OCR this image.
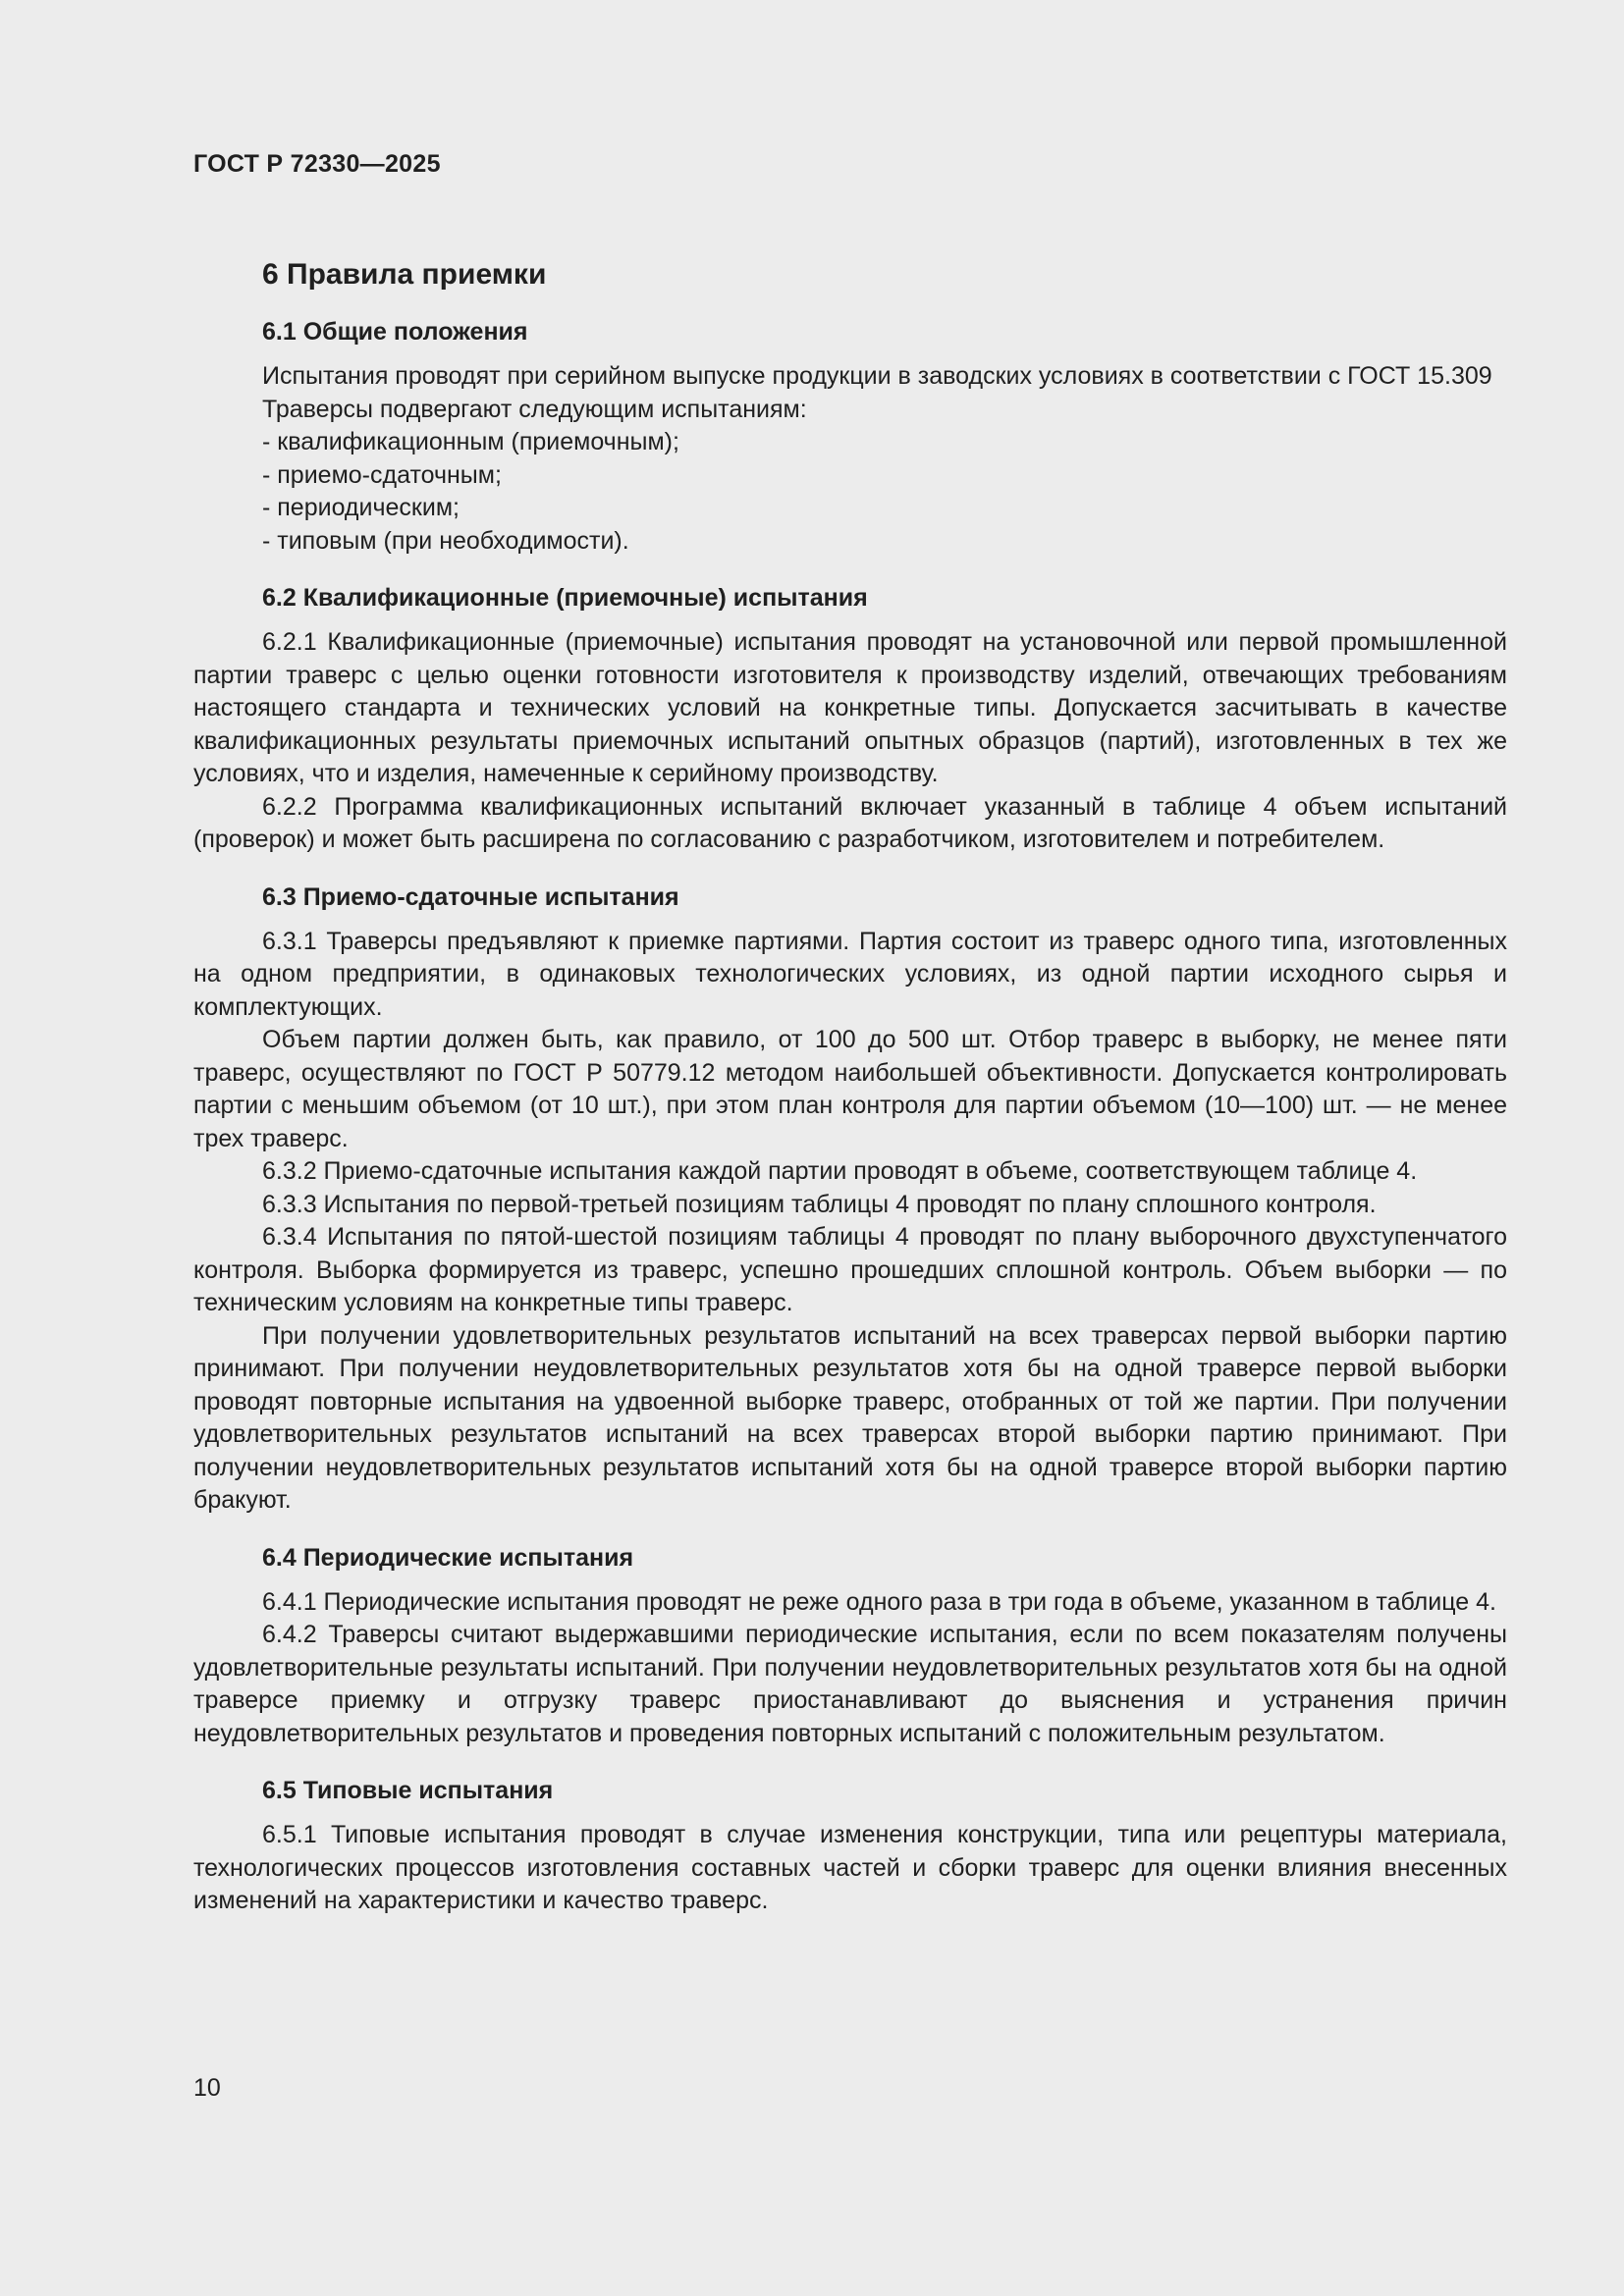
ГОСТ Р 72330—2025
6 Правила приемки
6.1 Общие положения

Испытания проводят при серийном выпуске продукции в заводских условиях в соответствии с ГОСТ 15.309

Траверсы подвергают следующим испытаниям:

- квалификационным (приемочным);
- приемо-сдаточным;
- периодическим;
- типовым (при необходимости).
6.2 Квалификационные (приемочные) испытания

6.2.1 Квалификационные (приемочные) испытания проводят на установочной или первой промышленной партии траверс с целью оценки готовности изготовителя к производству изделий, отвечающих требованиям настоящего стандарта и технических условий на конкретные типы. Допускается засчитывать в качестве квалификационных результаты приемочных испытаний опытных образцов (партий), изготовленных в тех же условиях, что и изделия, намеченные к серийному производству.

6.2.2 Программа квалификационных испытаний включает указанный в таблице 4 объем испытаний (проверок) и может быть расширена по согласованию с разработчиком, изготовителем и потребителем.

6.3 Приемо-сдаточные испытания

6.3.1 Траверсы предъявляют к приемке партиями. Партия состоит из траверс одного типа, изготовленных на одном предприятии, в одинаковых технологических условиях, из одной партии исходного сырья и комплектующих.

Объем партии должен быть, как правило, от 100 до 500 шт. Отбор траверс в выборку, не менее пяти траверс, осуществляют по ГОСТ Р 50779.12 методом наибольшей объективности. Допускается контролировать партии с меньшим объемом (от 10 шт.), при этом план контроля для партии объемом (10—100) шт. — не менее трех траверс.

6.3.2 Приемо-сдаточные испытания каждой партии проводят в объеме, соответствующем таблице 4.

6.3.3 Испытания по первой-третьей позициям таблицы 4 проводят по плану сплошного контроля.

6.3.4 Испытания по пятой-шестой позициям таблицы 4 проводят по плану выборочного двухступенчатого контроля. Выборка формируется из траверс, успешно прошедших сплошной контроль. Объем выборки — по техническим условиям на конкретные типы траверс.

При получении удовлетворительных результатов испытаний на всех траверсах первой выборки партию принимают. При получении неудовлетворительных результатов хотя бы на одной траверсе первой выборки проводят повторные испытания на удвоенной выборке траверс, отобранных от той же партии. При получении удовлетворительных результатов испытаний на всех траверсах второй выборки партию принимают. При получении неудовлетворительных результатов испытаний хотя бы на одной траверсе второй выборки партию бракуют.

6.4 Периодические испытания

6.4.1 Периодические испытания проводят не реже одного раза в три года в объеме, указанном в таблице 4.

6.4.2 Траверсы считают выдержавшими периодические испытания, если по всем показателям получены удовлетворительные результаты испытаний. При получении неудовлетворительных результатов хотя бы на одной траверсе приемку и отгрузку траверс приостанавливают до выяснения и устранения причин неудовлетворительных результатов и проведения повторных испытаний с положительным результатом.

6.5 Типовые испытания

6.5.1 Типовые испытания проводят в случае изменения конструкции, типа или рецептуры материала, технологических процессов изготовления составных частей и сборки траверс для оценки влияния внесенных изменений на характеристики и качество траверс.

10
